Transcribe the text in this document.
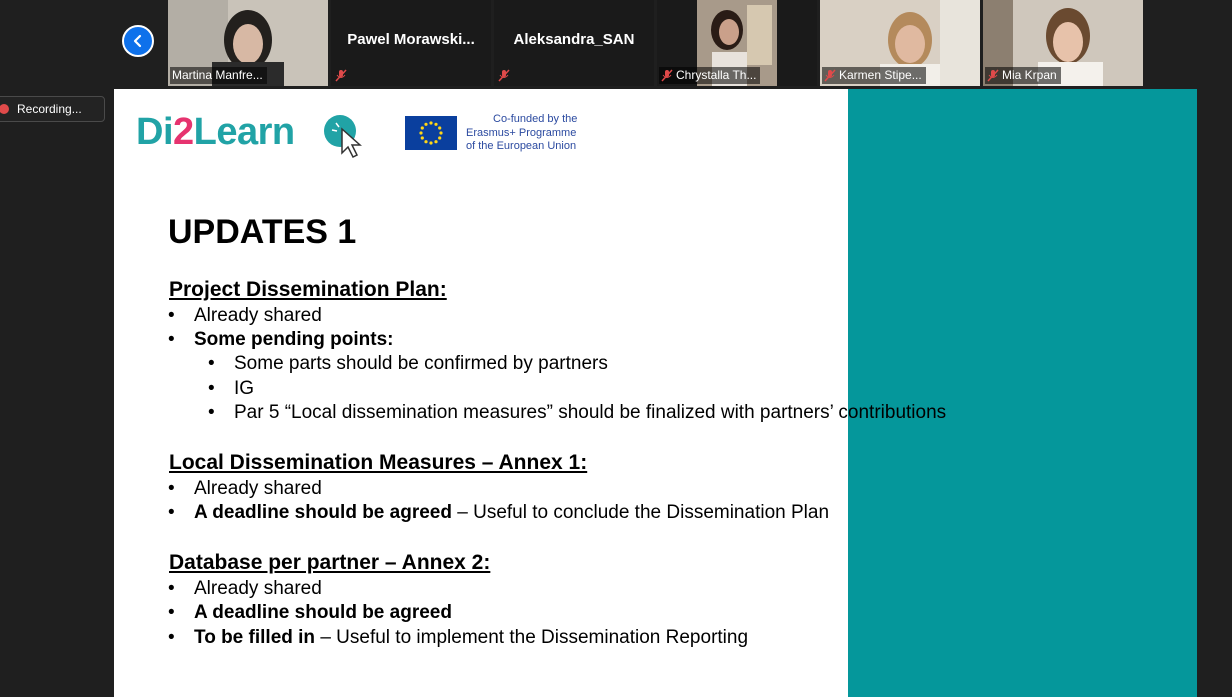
Martina Manfre...
Pawel Morawski...	Aleksandra_SAN
Chrystalla Th...	Karmen Stipe...	Mia Krpan
Recording...
Di2Learn	Co-funded by the
Erasmus+ Programme
of the European Union
UPDATES 1
Project Dissemination Plan:
• Already shared
• Some pending points:
• Some parts should be confirmed by partners
• IG
• Par 5 “Local dissemination measures” should be finalized with partners’ contributions
Local Dissemination Measures – Annex 1:
• Already shared
• A deadline should be agreed – Useful to conclude the Dissemination Plan
Database per partner – Annex 2:
• Already shared
• A deadline should be agreed
• To be filled in – Useful to implement the Dissemination Reporting
